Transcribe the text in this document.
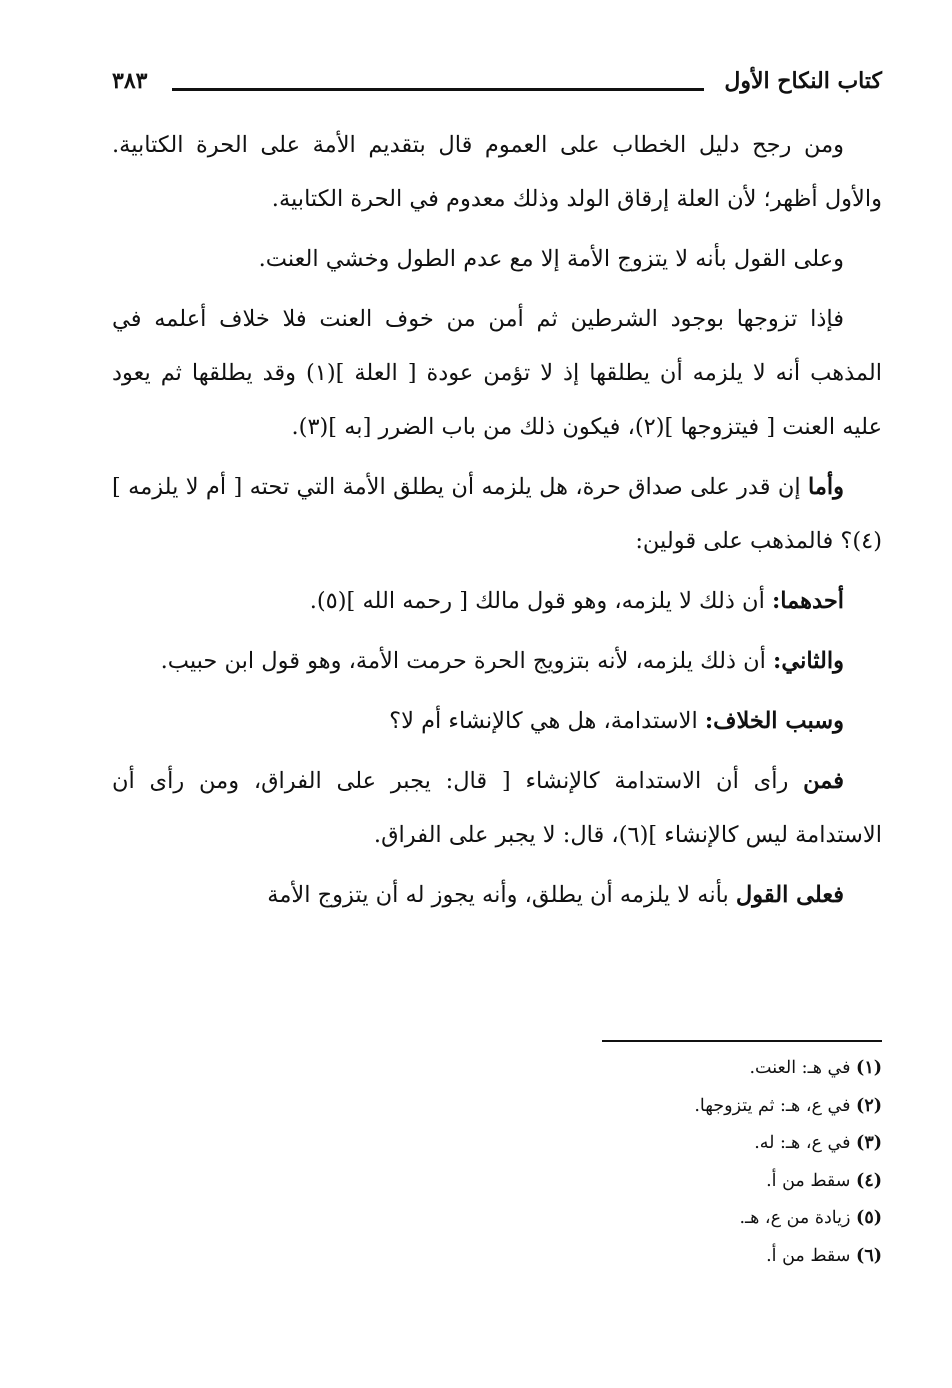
كتاب النكاح الأول
٣٨٣

ومن رجح دليل الخطاب على العموم قال بتقديم الأمة على الحرة الكتابية. والأول أظهر؛ لأن العلة إرقاق الولد وذلك معدوم في الحرة الكتابية.

وعلى القول بأنه لا يتزوج الأمة إلا مع عدم الطول وخشي العنت.

فإذا تزوجها بوجود الشرطين ثم أمن من خوف العنت فلا خلاف أعلمه في المذهب أنه لا يلزمه أن يطلقها إذ لا تؤمن عودة [ العلة ](١) وقد يطلقها ثم يعود عليه العنت [ فيتزوجها ](٢)، فيكون ذلك من باب الضرر [به ](٣).

وأما إن قدر على صداق حرة، هل يلزمه أن يطلق الأمة التي تحته [ أم لا يلزمه ](٤)؟ فالمذهب على قولين:

أحدهما: أن ذلك لا يلزمه، وهو قول مالك [ رحمه الله ](٥).

والثاني: أن ذلك يلزمه، لأنه بتزويج الحرة حرمت الأمة، وهو قول ابن حبيب.

وسبب الخلاف: الاستدامة، هل هي كالإنشاء أم لا؟

فمن رأى أن الاستدامة كالإنشاء [ قال: يجبر على الفراق، ومن رأى أن الاستدامة ليس كالإنشاء ](٦)، قال: لا يجبر على الفراق.

فعلى القول بأنه لا يلزمه أن يطلق، وأنه يجوز له أن يتزوج الأمة

(١) في هـ: العنت.
(٢) في ع، هـ: ثم يتزوجها.
(٣) في ع، هـ: له.
(٤) سقط من أ.
(٥) زيادة من ع، هـ.
(٦) سقط من أ.
